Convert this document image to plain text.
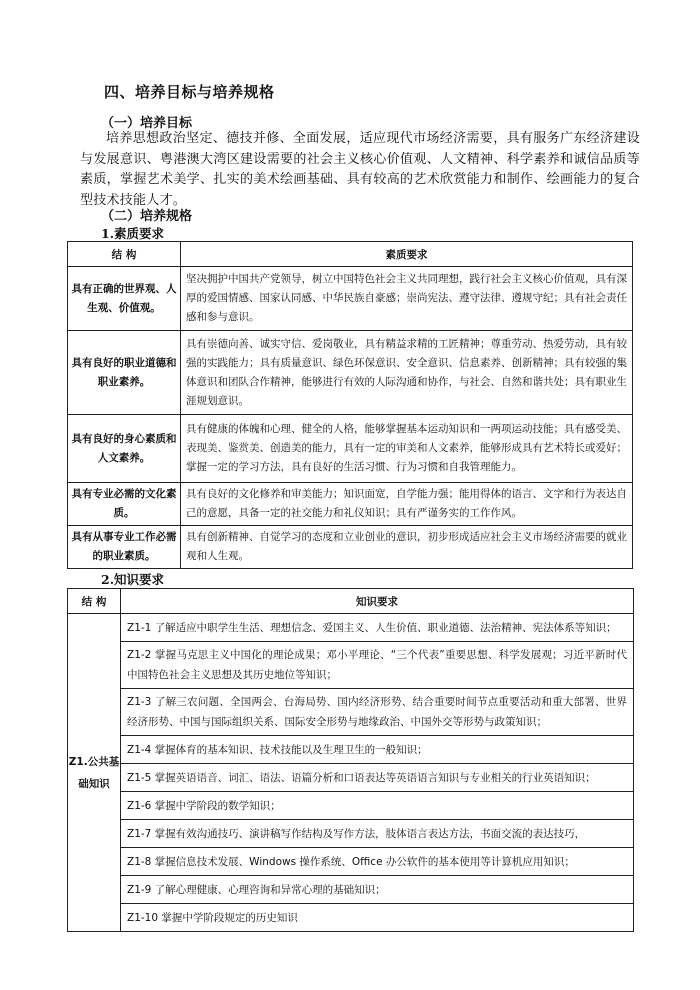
四、培养目标与培养规格
（一）培养目标
培养思想政治坚定、德技并修、全面发展，适应现代市场经济需要，具有服务广东经济建设与发展意识、粤港澳大湾区建设需要的社会主义核心价值观、人文精神、科学素养和诚信品质等素质，掌握艺术美学、扎实的美术绘画基础、具有较高的艺术欣赏能力和制作、绘画能力的复合型技术技能人才。
（二）培养规格
1.素质要求
结 构	素质要求
具有正确的世界观、人生观、价值观。	坚决拥护中国共产党领导，树立中国特色社会主义共同理想，践行社会主义核心价值观，具有深厚的爱国情感、国家认同感、中华民族自豪感；崇尚宪法、遵守法律、遵规守纪；具有社会责任感和参与意识。
具有良好的职业道德和职业素养。	具有崇德向善、诚实守信、爱岗敬业，具有精益求精的工匠精神；尊重劳动、热爱劳动，具有较强的实践能力；具有质量意识、绿色环保意识、安全意识、信息素养、创新精神；具有较强的集体意识和团队合作精神，能够进行有效的人际沟通和协作，与社会、自然和谐共处；具有职业生涯规划意识。
具有良好的身心素质和人文素养。	具有健康的体魄和心理、健全的人格，能够掌握基本运动知识和一两项运动技能；具有感受美、表现美、鉴赏美、创造美的能力，具有一定的审美和人文素养，能够形成具有艺术特长或爱好；掌握一定的学习方法，具有良好的生活习惯、行为习惯和自我管理能力。
具有专业必需的文化素质。	具有良好的文化修养和审美能力；知识面宽，自学能力强；能用得体的语言、文字和行为表达自己的意愿，具备一定的社交能力和礼仪知识；具有严谨务实的工作作风。
具有从事专业工作必需的职业素质。	具有创新精神、自觉学习的态度和立业创业的意识，初步形成适应社会主义市场经济需要的就业观和人生观。
2.知识要求
结 构	知识要求
Z1.公共基础知识	Z1-1 了解适应中职学生生活、理想信念、爱国主义、人生价值、职业道德、法治精神、宪法体系等知识；
	Z1-2 掌握马克思主义中国化的理论成果；邓小平理论、“三个代表”重要思想、科学发展观；习近平新时代中国特色社会主义思想及其历史地位等知识；
	Z1-3 了解三农问题、全国两会、台海局势、国内经济形势、结合重要时间节点重要活动和重大部署、世界经济形势、中国与国际组织关系、国际安全形势与地缘政治、中国外交等形势与政策知识；
	Z1-4 掌握体育的基本知识、技术技能以及生理卫生的一般知识；
	Z1-5 掌握英语语音、词汇、语法、语篇分析和口语表达等英语语言知识与专业相关的行业英语知识；
	Z1-6 掌握中学阶段的数学知识；
	Z1-7 掌握有效沟通技巧、演讲稿写作结构及写作方法，肢体语言表达方法，书面交流的表达技巧，
	Z1-8 掌握信息技术发展、Windows 操作系统、Office 办公软件的基本使用等计算机应用知识；
	Z1-9 了解心理健康、心理咨询和异常心理的基础知识；
	Z1-10 掌握中学阶段规定的历史知识
